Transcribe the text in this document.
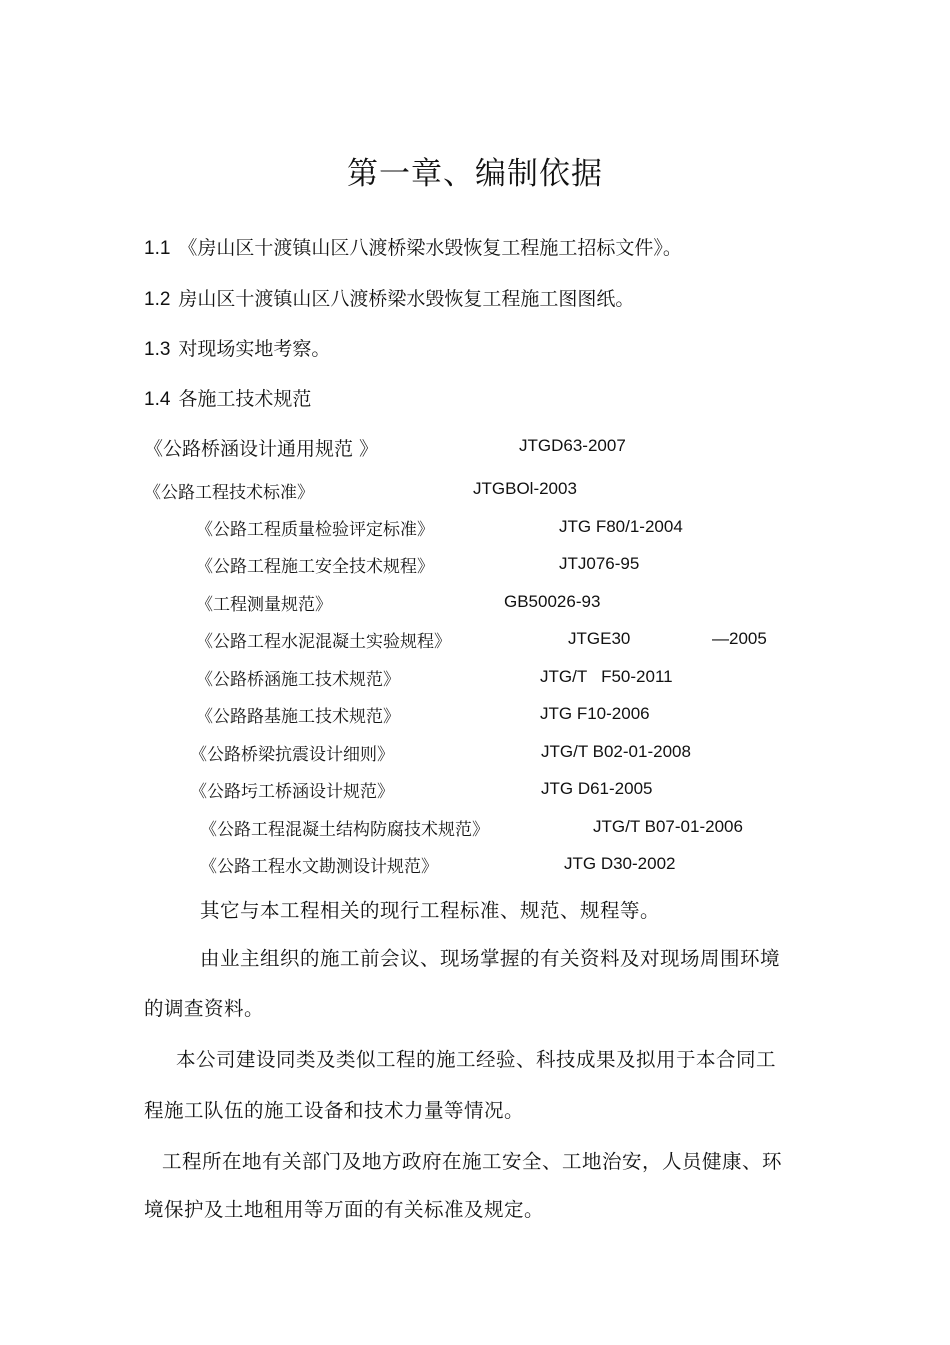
第一章、编制依据
1.1 《房山区十渡镇山区八渡桥梁水毁恢复工程施工招标文件》。
1.2 房山区十渡镇山区八渡桥梁水毁恢复工程施工图图纸。
1.3 对现场实地考察。
1.4 各施工技术规范
《公路桥涵设计通用规范 》	JTGD63-2007
《公路工程技术标准》	JTGBOl-2003
《公路工程质量检验评定标准》	JTG F80/1-2004
《公路工程施工安全技术规程》	JTJ076-95
《工程测量规范》	GB50026-93
《公路工程水泥混凝土实验规程》	JTGE30	—2005
《公路桥涵施工技术规范》	JTG/T   F50-2011
《公路路基施工技术规范》	JTG F10-2006
《公路桥梁抗震设计细则》	JTG/T B02-01-2008
《公路圬工桥涵设计规范》	JTG D61-2005
《公路工程混凝土结构防腐技术规范》	JTG/T B07-01-2006
《公路工程水文勘测设计规范》	JTG D30-2002
其它与本工程相关的现行工程标准、规范、规程等。
由业主组织的施工前会议、现场掌握的有关资料及对现场周围环境
的调查资料。
本公司建设同类及类似工程的施工经验、科技成果及拟用于本合同工
程施工队伍的施工设备和技术力量等情况。
工程所在地有关部门及地方政府在施工安全、工地治安，人员健康、环
境保护及土地租用等万面的有关标准及规定。
